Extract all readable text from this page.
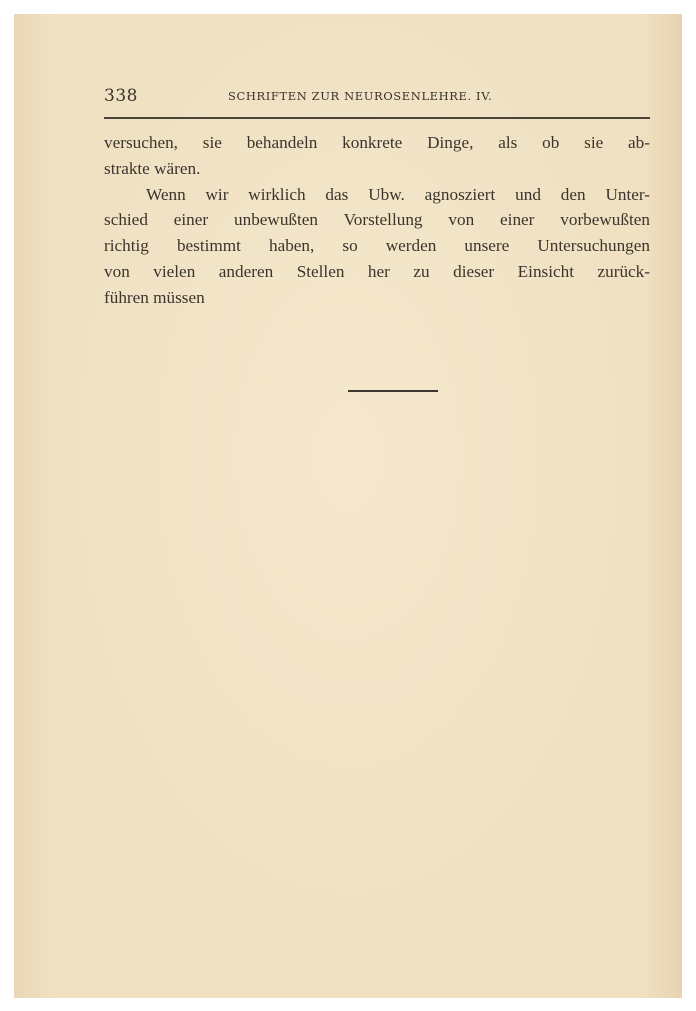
338	SCHRIFTEN ZUR NEUROSENLEHRE. IV.
versuchen, sie behandeln konkrete Dinge, als ob sie ab-
strakte wären.
Wenn wir wirklich das Ubw. agnosziert und den Unter-
schied einer unbewußten Vorstellung von einer vorbewußten
richtig bestimmt haben, so werden unsere Untersuchungen
von vielen anderen Stellen her zu dieser Einsicht zurück-
führen müssen
